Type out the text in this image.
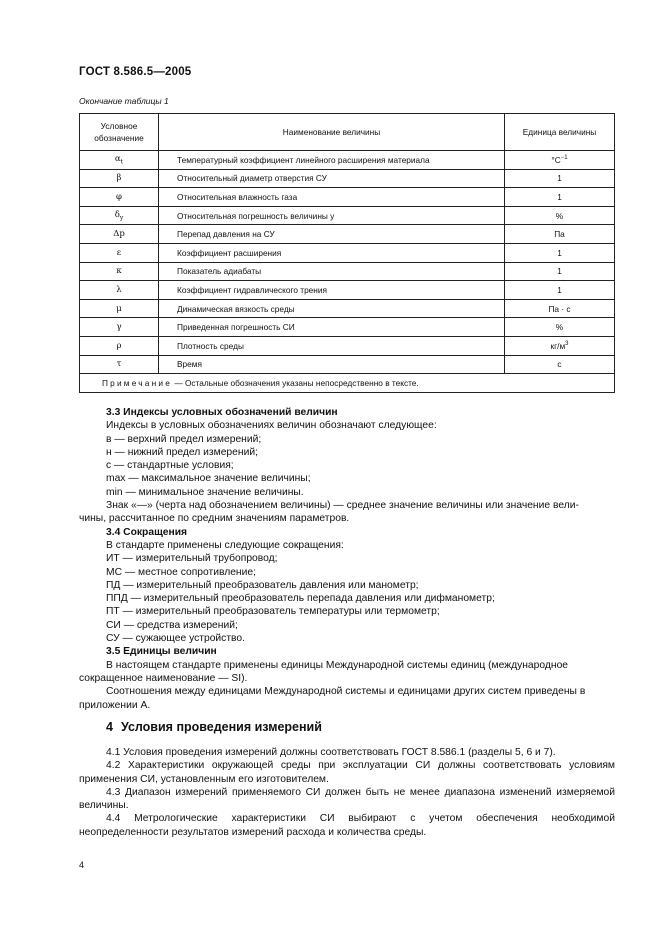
ГОСТ 8.586.5—2005
Окончание таблицы 1
Условное
обозначение	Наименование величины	Единица величины
$\alpha_t$	Температурный коэффициент линейного расширения материала	$^\circ С^{-1}$
β	Относительный диаметр отверстия СУ	1
φ	Относительная влажность газа	1
$\delta_y$	Относительная погрешность величины y	%
Δp	Перепад давления на СУ	Па
ε	Коэффициент расширения	1
κ	Показатель адиабаты	1
λ	Коэффициент гидравлического трения	1
μ	Динамическая вязкость среды	Па · с
γ	Приведенная погрешность СИ	%
ρ	Плотность среды	$кг/м^3$
τ	Время	с
Примечание — Остальные обозначения указаны непосредственно в тексте.		

3.3 Индексы условных обозначений величин

Индексы в условных обозначениях величин обозначают следующее:

в — верхний предел измерений;

н — нижний предел измерений;

с — стандартные условия;

max — максимальное значение величины;

min — минимальное значение величины.

Знак «—» (черта над обозначением величины) — среднее значение величины или значение вели-

чины, рассчитанное по средним значениям параметров.

3.4 Сокращения

В стандарте применены следующие сокращения:

ИТ — измерительный трубопровод;

МС — местное сопротивление;

ПД — измерительный преобразователь давления или манометр;

ППД — измерительный преобразователь перепада давления или дифманометр;

ПТ — измерительный преобразователь температуры или термометр;

СИ — средства измерений;

СУ — сужающее устройство.

3.5 Единицы величин

В настоящем стандарте применены единицы Международной системы единиц (международное

сокращенное наименование — SI).

Соотношения между единицами Международной системы и единицами других систем приведены в

приложении А.

4 Условия проведения измерений

4.1 Условия проведения измерений должны соответствовать ГОСТ 8.586.1 (разделы 5, 6 и 7).

4.2 Характеристики окружающей среды при эксплуатации СИ должны соответствовать условиям применения СИ, установленным его изготовителем.

4.3 Диапазон измерений применяемого СИ должен быть не менее диапазона изменений измеряемой величины.

4.4 Метрологические характеристики СИ выбирают с учетом обеспечения необходимой неопределенности результатов измерений расхода и количества среды.

4
